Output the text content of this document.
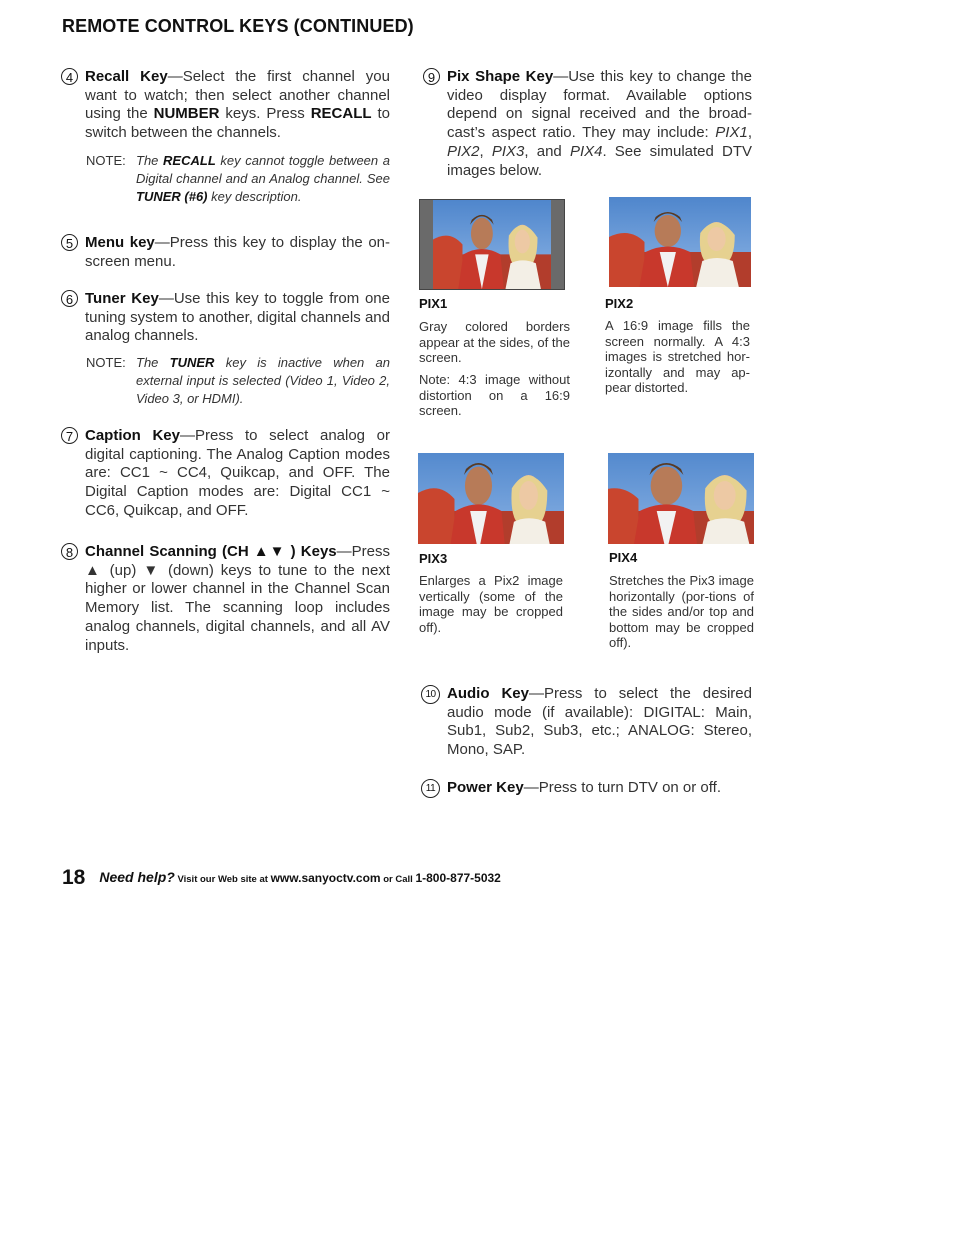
REMOTE CONTROL KEYS (CONTINUED)
4 Recall Key—Select the first channel you want to watch; then select another channel using the NUMBER keys. Press RECALL to switch between the channels.
NOTE: The RECALL key cannot toggle between a Digital channel and an Analog channel. See TUNER (#6) key description.
5 Menu key—Press this key to display the on-screen menu.
6 Tuner Key—Use this key to toggle from one tuning system to another, digital channels and analog channels.
NOTE: The TUNER key is inactive when an external input is selected (Video 1, Video 2, Video 3, or HDMI).
7 Caption Key—Press to select analog or digital captioning. The Analog Caption modes are: CC1 ~ CC4, Quikcap, and OFF. The Digital Caption modes are: Digital CC1 ~ CC6, Quikcap, and OFF.
8 Channel Scanning (CH ▲▼ ) Keys—Press ▲ (up) ▼ (down) keys to tune to the next higher or lower channel in the Channel Scan Memory list. The scanning loop includes analog channels, digital channels, and all AV inputs.
9 Pix Shape Key—Use this key to change the video display format. Available options depend on signal received and the broad-cast’s aspect ratio. They may include: PIX1, PIX2, PIX3, and PIX4. See simulated DTV images below.
PIX1
Gray colored borders appear at the sides, of the screen.
Note: 4:3 image without distortion on a 16:9 screen.
PIX2
A 16:9 image fills the screen normally. A 4:3 images is stretched hor-izontally and may ap-pear distorted.
PIX3
Enlarges a Pix2 image vertically (some of the image may be cropped off).
PIX4
Stretches the Pix3 image horizontally (por-tions of the sides and/or top and bottom may be cropped off).
10 Audio Key—Press to select the desired audio mode (if available): DIGITAL: Main, Sub1, Sub2, Sub3, etc.; ANALOG: Stereo, Mono, SAP.
11 Power Key—Press to turn DTV on or off.
18 Need help? Visit our Web site at www.sanyoctv.com or Call 1-800-877-5032
